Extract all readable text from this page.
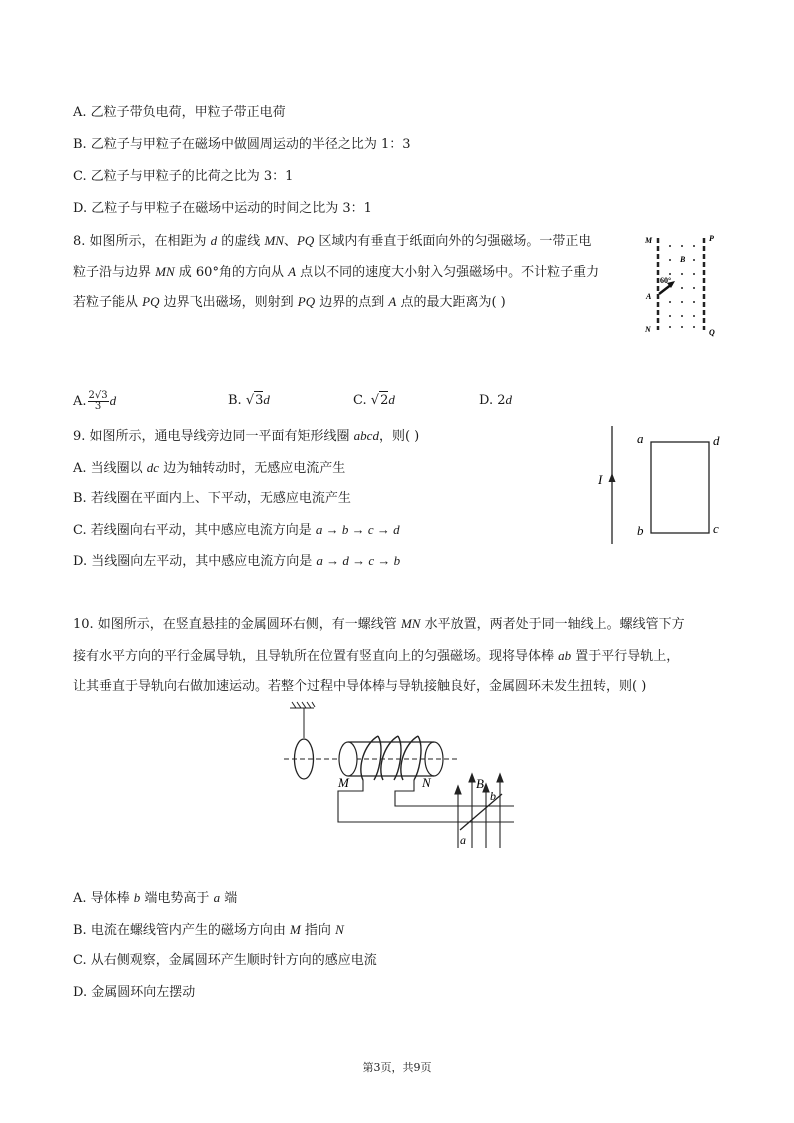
A. 乙粒子带负电荷，甲粒子带正电荷
B. 乙粒子与甲粒子在磁场中做圆周运动的半径之比为 1：3
C. 乙粒子与甲粒子的比荷之比为 3：1
D. 乙粒子与甲粒子在磁场中运动的时间之比为 3：1
8. 如图所示，在相距为 d 的虚线 MN、PQ 区域内有垂直于纸面向外的匀强磁场。一带正电
粒子沿与边界 MN 成 60°角的方向从 A 点以不同的速度大小射入匀强磁场中。不计粒子重力
若粒子能从 PQ 边界飞出磁场，则射到 PQ 边界的点到 A 点的最大距离为( )
M
N
P
Q
A
B
60°
A. $\frac{2√3}{3}$ d	B. √3d	C. √2d	D. 2d
9. 如图所示，通电导线旁边同一平面有矩形线圈 abcd，则( )
A. 当线圈以 dc 边为轴转动时，无感应电流产生
B. 若线圈在平面内上、下平动，无感应电流产生
C. 若线圈向右平动，其中感应电流方向是 a → b → c → d
D. 当线圈向左平动，其中感应电流方向是 a → d → c → b
I
a	d
b	c
10. 如图所示，在竖直悬挂的金属圆环右侧，有一螺线管 MN 水平放置，两者处于同一轴线上。螺线管下方
接有水平方向的平行金属导轨，且导轨所在位置有竖直向上的匀强磁场。现将导体棒 ab 置于平行导轨上，
让其垂直于导轨向右做加速运动。若整个过程中导体棒与导轨接触良好，金属圆环未发生扭转，则( )
M	N	B
b
a
A. 导体棒 b 端电势高于 a 端
B. 电流在螺线管内产生的磁场方向由 M 指向 N
C. 从右侧观察，金属圆环产生顺时针方向的感应电流
D. 金属圆环向左摆动
第3页，共9页
